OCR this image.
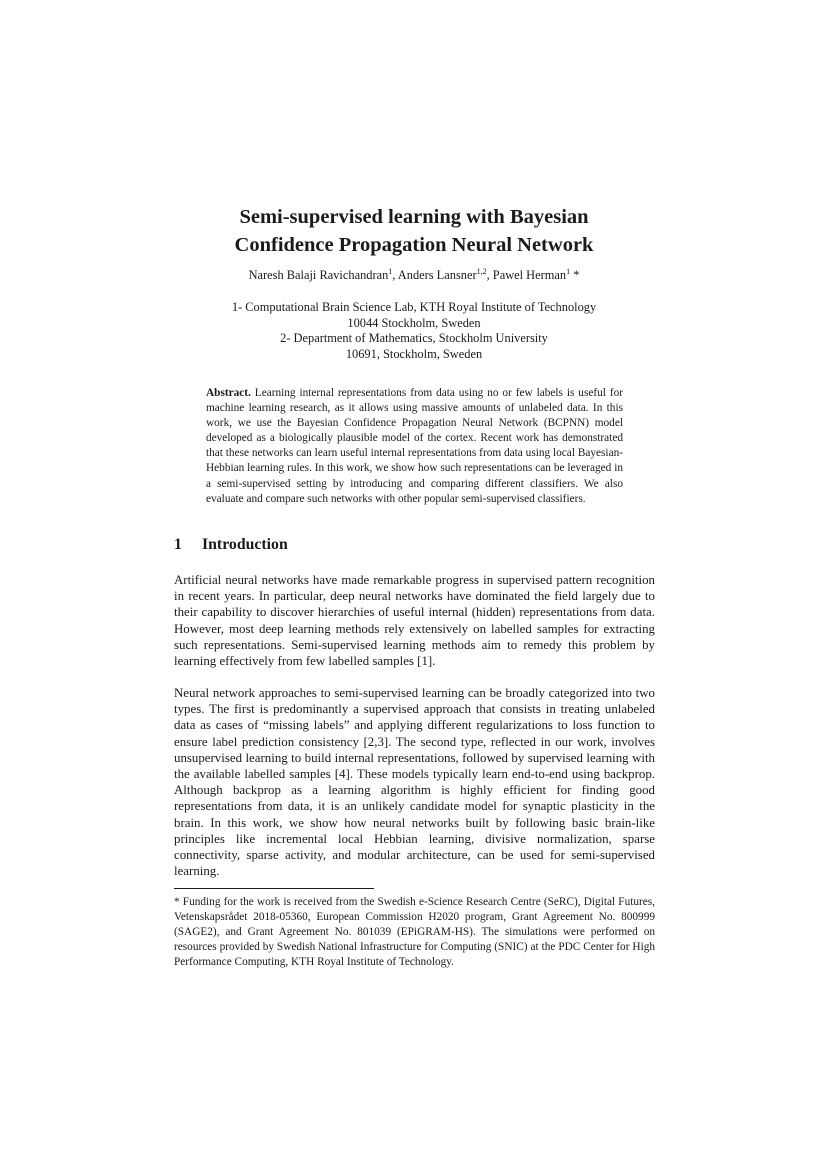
Semi-supervised learning with Bayesian
Confidence Propagation Neural Network
Naresh Balaji Ravichandran$^1$, Anders Lansner$^{1,2}$, Pawel Herman$^1$ *
1- Computational Brain Science Lab, KTH Royal Institute of Technology
10044 Stockholm, Sweden
2- Department of Mathematics, Stockholm University
10691, Stockholm, Sweden
Abstract. Learning internal representations from data using no or few labels is useful for machine learning research, as it allows using massive amounts of unlabeled data. In this work, we use the Bayesian Confidence Propagation Neural Network (BCPNN) model developed as a biologically plausible model of the cortex. Recent work has demonstrated that these networks can learn useful internal representations from data using local Bayesian-Hebbian learning rules. In this work, we show how such representations can be leveraged in a semi-supervised setting by introducing and comparing different classifiers. We also evaluate and compare such networks with other popular semi-supervised classifiers.
1 Introduction

Artificial neural networks have made remarkable progress in supervised pattern recognition in recent years. In particular, deep neural networks have dominated the field largely due to their capability to discover hierarchies of useful internal (hidden) representations from data. However, most deep learning methods rely extensively on labelled samples for extracting such representations. Semi-supervised learning methods aim to remedy this problem by learning effectively from few labelled samples [1].

Neural network approaches to semi-supervised learning can be broadly categorized into two types. The first is predominantly a supervised approach that consists in treating unlabeled data as cases of “missing labels” and applying different regularizations to loss function to ensure label prediction consistency [2,3]. The second type, reflected in our work, involves unsupervised learning to build internal representations, followed by supervised learning with the available labelled samples [4]. These models typically learn end-to-end using backprop. Although backprop as a learning algorithm is highly efficient for finding good representations from data, it is an unlikely candidate model for synaptic plasticity in the brain. In this work, we show how neural networks built by following basic brain-like principles like incremental local Hebbian learning, divisive normalization, sparse connectivity, sparse activity, and modular architecture, can be used for semi-supervised learning.

* Funding for the work is received from the Swedish e-Science Research Centre (SeRC), Digital Futures, Vetenskapsrådet 2018-05360, European Commission H2020 program, Grant Agreement No. 800999 (SAGE2), and Grant Agreement No. 801039 (EPiGRAM-HS). The simulations were performed on resources provided by Swedish National Infrastructure for Computing (SNIC) at the PDC Center for High Performance Computing, KTH Royal Institute of Technology.
